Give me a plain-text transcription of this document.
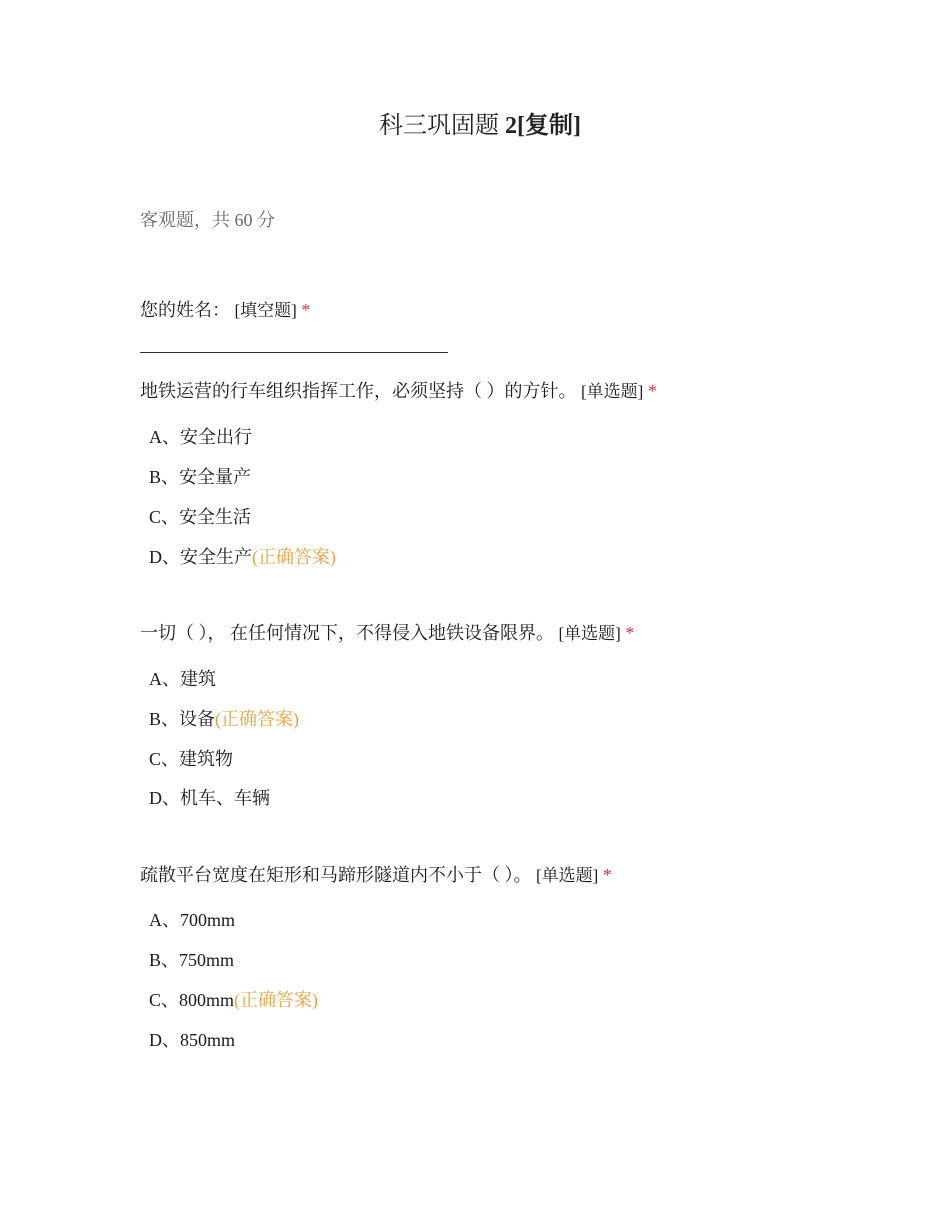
科三巩固题 2[复制]
客观题，共 60 分
您的姓名： [填空题] *
地铁运营的行车组织指挥工作，必须坚持（ ）的方针。 [单选题] *
A、安全出行
B、安全量产
C、安全生活
D、安全生产(正确答案)
一切（ ）， 在任何情况下，不得侵入地铁设备限界。 [单选题] *
A、建筑
B、设备(正确答案)
C、建筑物
D、机车、车辆
疏散平台宽度在矩形和马蹄形隧道内不小于（ ）。 [单选题] *
A、700mm
B、750mm
C、800mm(正确答案)
D、850mm
